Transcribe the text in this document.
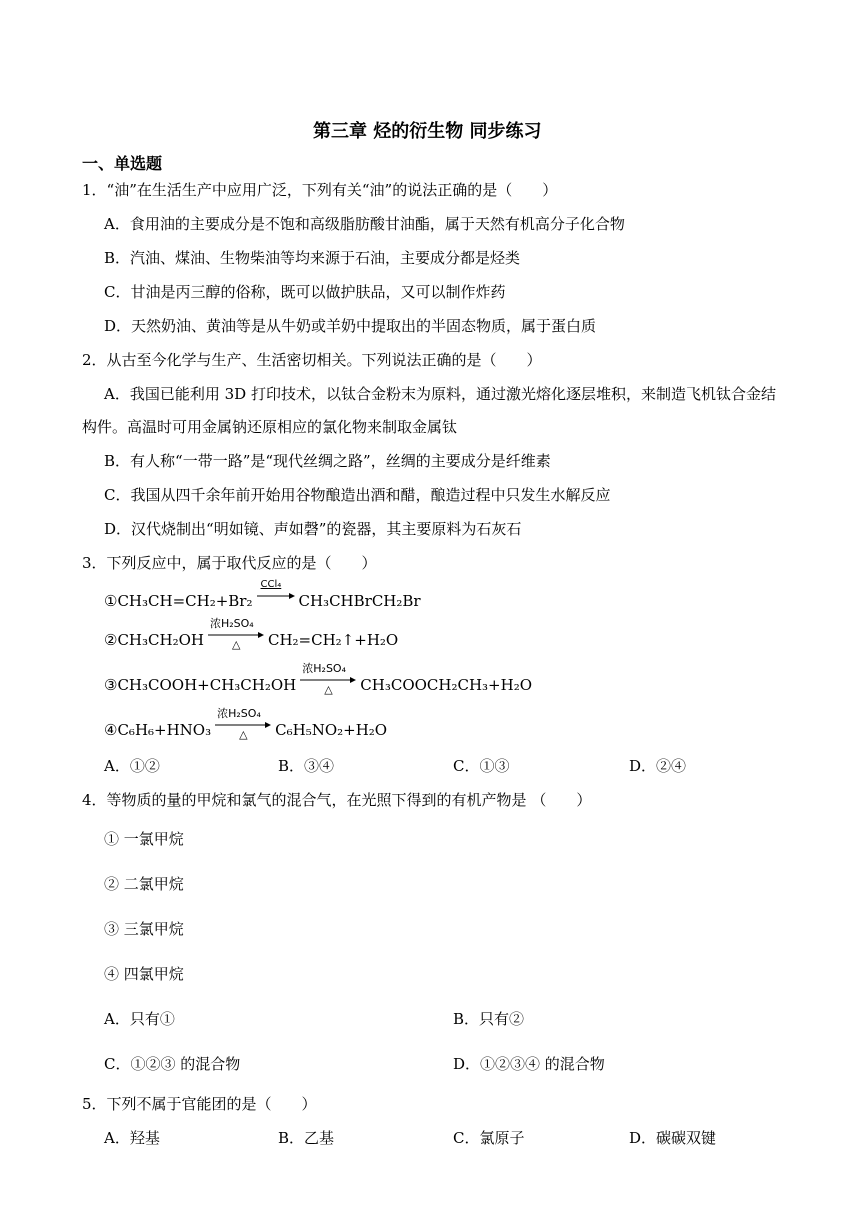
第三章 烃的衍生物 同步练习
一、单选题
1．“油”在生活生产中应用广泛，下列有关“油”的说法正确的是（　　）
A．食用油的主要成分是不饱和高级脂肪酸甘油酯，属于天然有机高分子化合物
B．汽油、煤油、生物柴油等均来源于石油，主要成分都是烃类
C．甘油是丙三醇的俗称，既可以做护肤品，又可以制作炸药
D．天然奶油、黄油等是从牛奶或羊奶中提取出的半固态物质，属于蛋白质
2．从古至今化学与生产、生活密切相关。下列说法正确的是（　　）
A．我国已能利用 3D 打印技术，以钛合金粉末为原料，通过激光熔化逐层堆积，来制造飞机钛合金结
构件。高温时可用金属钠还原相应的氯化物来制取金属钛
B．有人称“一带一路”是“现代丝绸之路”，丝绸的主要成分是纤维素
C．我国从四千余年前开始用谷物酿造出酒和醋，酿造过程中只发生水解反应
D．汉代烧制出“明如镜、声如磬”的瓷器，其主要原料为石灰石
3．下列反应中，属于取代反应的是（　　）
①CH₃CH=CH₂+Br₂
CCl₄
CH₃CHBrCH₂Br
②CH₃CH₂OH
浓H₂SO₄
△ CH₂=CH₂↑+H₂O
③CH₃COOH+CH₃CH₂OH
浓H₂SO₄
△ CH₃COOCH₂CH₃+H₂O
④C₆H₆+HNO₃
浓H₂SO₄
△ C₆H₅NO₂+H₂O
A．①②	B．③④	C．①③	D．②④
4．等物质的量的甲烷和氯气的混合气，在光照下得到的有机产物是 （　　）
① 一氯甲烷
② 二氯甲烷
③ 三氯甲烷
④ 四氯甲烷
A．只有①	B．只有②
C．①②③ 的混合物	D．①②③④ 的混合物
5．下列不属于官能团的是（　　）
A．羟基	B．乙基	C．氯原子	D．碳碳双键
